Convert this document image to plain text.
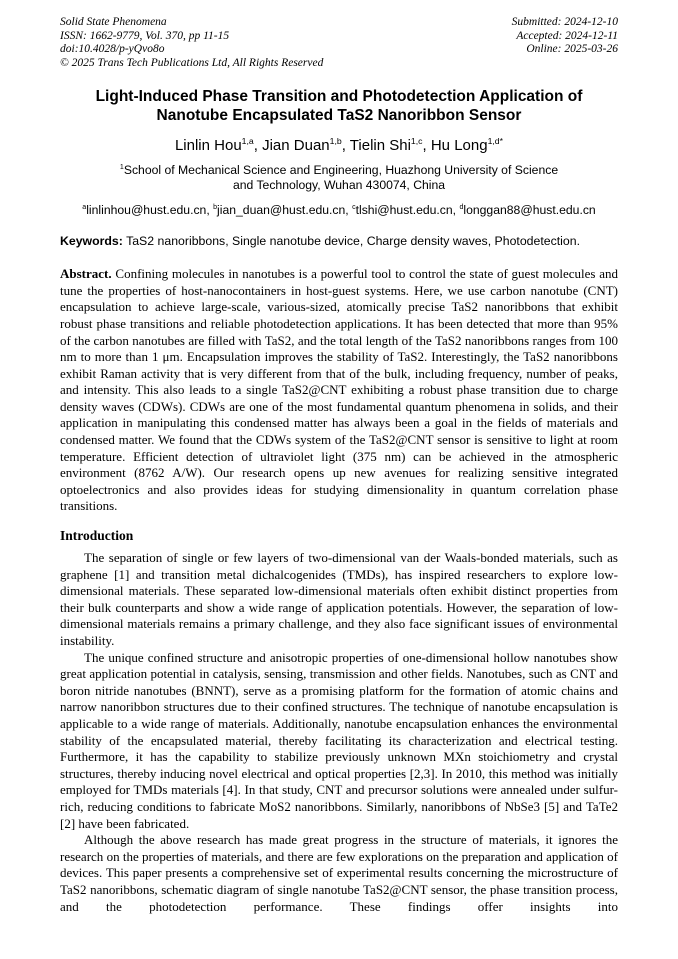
Solid State Phenomena
ISSN: 1662-9779, Vol. 370, pp 11-15
doi:10.4028/p-yQvo8o
© 2025 Trans Tech Publications Ltd, All Rights Reserved
Submitted: 2024-12-10
Accepted: 2024-12-11
Online: 2025-03-26
Light-Induced Phase Transition and Photodetection Application of
Nanotube Encapsulated TaS2 Nanoribbon Sensor
Linlin Hou$^{1,a}$, Jian Duan$^{1,b}$, Tielin Shi$^{1,c}$, Hu Long$^{1,d*}$
$^1$School of Mechanical Science and Engineering, Huazhong University of Science
and Technology, Wuhan 430074, China
$^a$linlinhou@hust.edu.cn, $^b$jian_duan@hust.edu.cn, $^c$tlshi@hust.edu.cn, $^d$longgan88@hust.edu.cn

Keywords: TaS2 nanoribbons, Single nanotube device, Charge density waves, Photodetection.

Abstract. Confining molecules in nanotubes is a powerful tool to control the state of guest molecules and tune the properties of host-nanocontainers in host-guest systems. Here, we use carbon nanotube (CNT) encapsulation to achieve large-scale, various-sized, atomically precise TaS2 nanoribbons that exhibit robust phase transitions and reliable photodetection applications. It has been detected that more than 95% of the carbon nanotubes are filled with TaS2, and the total length of the TaS2 nanoribbons ranges from 100 nm to more than 1 μm. Encapsulation improves the stability of TaS2. Interestingly, the TaS2 nanoribbons exhibit Raman activity that is very different from that of the bulk, including frequency, number of peaks, and intensity. This also leads to a single TaS2@CNT exhibiting a robust phase transition due to charge density waves (CDWs). CDWs are one of the most fundamental quantum phenomena in solids, and their application in manipulating this condensed matter has always been a goal in the fields of materials and condensed matter. We found that the CDWs system of the TaS2@CNT sensor is sensitive to light at room temperature. Efficient detection of ultraviolet light (375 nm) can be achieved in the atmospheric environment (8762 A/W). Our research opens up new avenues for realizing sensitive integrated optoelectronics and also provides ideas for studying dimensionality in quantum correlation phase transitions.

Introduction

The separation of single or few layers of two-dimensional van der Waals-bonded materials, such as graphene [1] and transition metal dichalcogenides (TMDs), has inspired researchers to explore low- dimensional materials. These separated low-dimensional materials often exhibit distinct properties from their bulk counterparts and show a wide range of application potentials. However, the separation of low-dimensional materials remains a primary challenge, and they also face significant issues of environmental instability.

The unique confined structure and anisotropic properties of one-dimensional hollow nanotubes show great application potential in catalysis, sensing, transmission and other fields. Nanotubes, such as CNT and boron nitride nanotubes (BNNT), serve as a promising platform for the formation of atomic chains and narrow nanoribbon structures due to their confined structures. The technique of nanotube encapsulation is applicable to a wide range of materials. Additionally, nanotube encapsulation enhances the environmental stability of the encapsulated material, thereby facilitating its characterization and electrical testing. Furthermore, it has the capability to stabilize previously unknown MXn stoichiometry and crystal structures, thereby inducing novel electrical and optical properties [2,3]. In 2010, this method was initially employed for TMDs materials [4]. In that study, CNT and precursor solutions were annealed under sulfur-rich, reducing conditions to fabricate MoS2 nanoribbons. Similarly, nanoribbons of NbSe3 [5] and TaTe2 [2] have been fabricated.

Although the above research has made great progress in the structure of materials, it ignores the research on the properties of materials, and there are few explorations on the preparation and application of devices. This paper presents a comprehensive set of experimental results concerning the microstructure of TaS2 nanoribbons, schematic diagram of single nanotube TaS2@CNT sensor, the phase transition process, and the photodetection performance. These findings offer insights into
